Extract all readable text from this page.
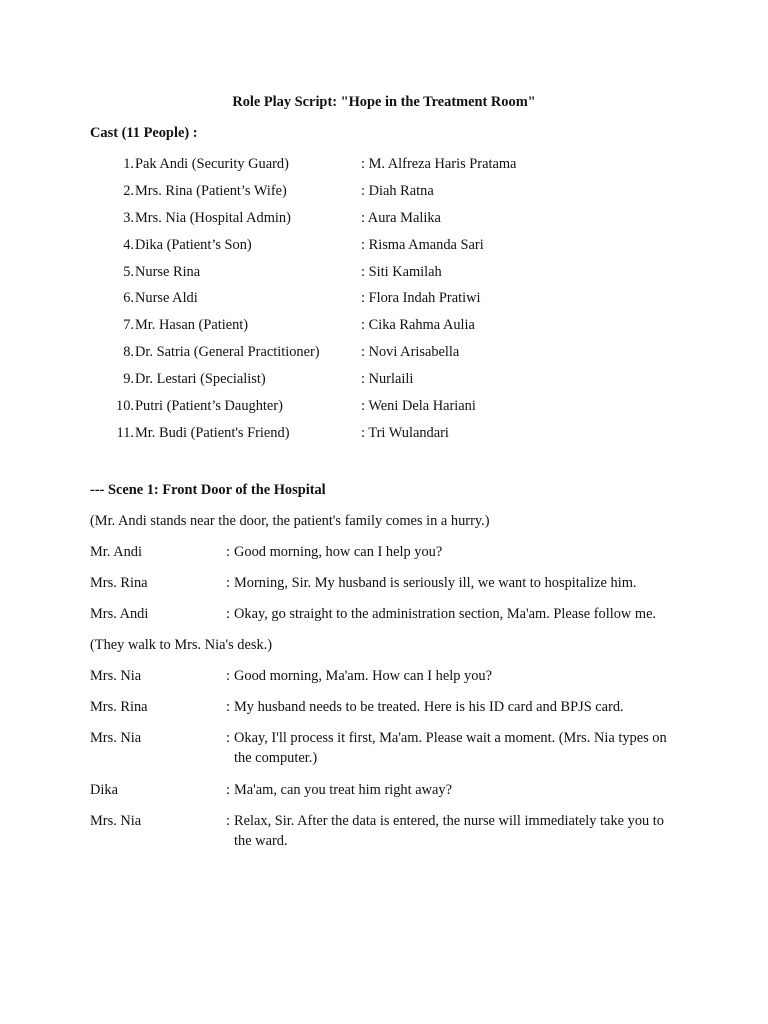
Role Play Script: "Hope in the Treatment Room"
Cast (11 People) :
1. Pak Andi (Security Guard)	: M. Alfreza Haris Pratama
2. Mrs. Rina (Patient’s Wife)	: Diah Ratna
3. Mrs. Nia (Hospital Admin)	: Aura Malika
4. Dika (Patient’s Son)	: Risma Amanda Sari
5. Nurse Rina	: Siti Kamilah
6. Nurse Aldi	: Flora Indah Pratiwi
7. Mr. Hasan (Patient)	: Cika Rahma Aulia
8. Dr. Satria (General Practitioner)	: Novi Arisabella
9. Dr. Lestari (Specialist)	: Nurlaili
10. Putri (Patient’s Daughter)	: Weni Dela Hariani
11. Mr. Budi (Patient's Friend)	: Tri Wulandari
--- Scene 1: Front Door of the Hospital
(Mr. Andi stands near the door, the patient's family comes in a hurry.)
Mr. Andi	: Good morning, how can I help you?
Mrs. Rina	: Morning, Sir. My husband is seriously ill, we want to hospitalize him.
Mrs. Andi	: Okay, go straight to the administration section, Ma'am. Please follow me.
(They walk to Mrs. Nia's desk.)
Mrs. Nia	: Good morning, Ma'am. How can I help you?
Mrs. Rina	: My husband needs to be treated. Here is his ID card and BPJS card.
Mrs. Nia	: Okay, I'll process it first, Ma'am. Please wait a moment. (Mrs. Nia types on the computer.)
Dika	: Ma'am, can you treat him right away?
Mrs. Nia	: Relax, Sir. After the data is entered, the nurse will immediately take you to the ward.
